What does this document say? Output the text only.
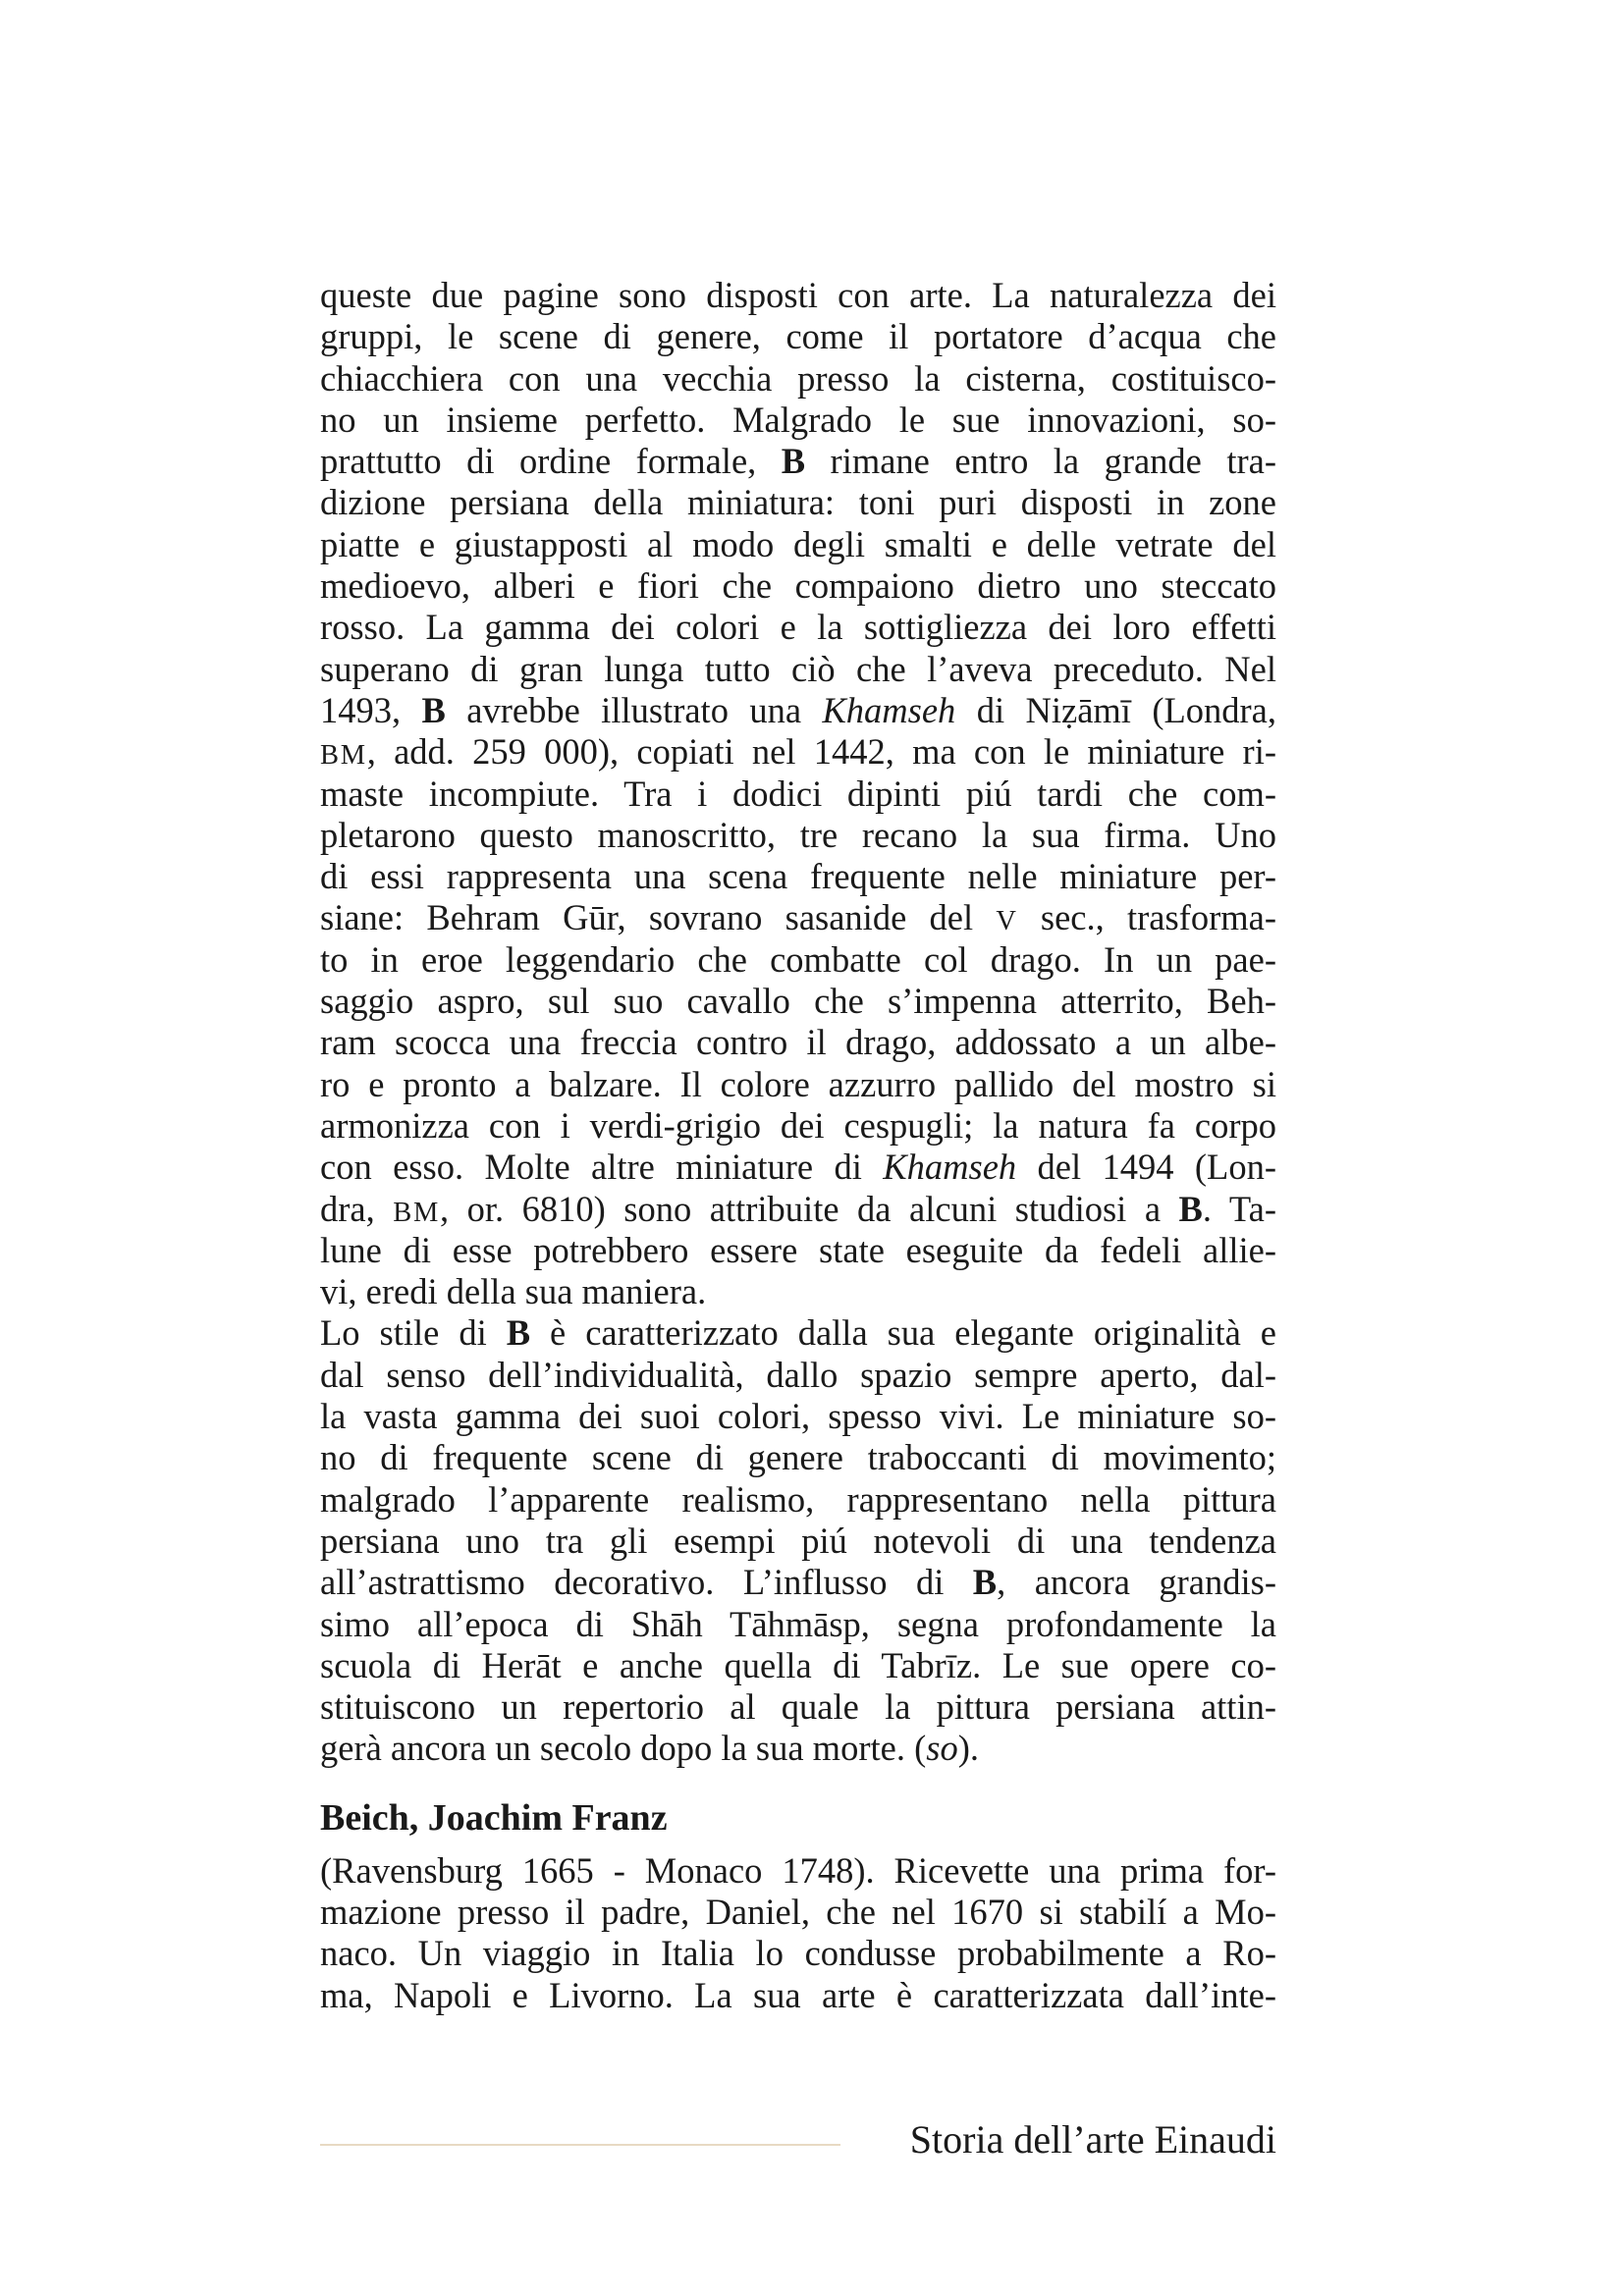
queste due pagine sono disposti con arte. La naturalezza dei
gruppi, le scene di genere, come il portatore d’acqua che
chiacchiera con una vecchia presso la cisterna, costituisco-
no un insieme perfetto. Malgrado le sue innovazioni, so-
prattutto di ordine formale, B rimane entro la grande tra-
dizione persiana della miniatura: toni puri disposti in zone
piatte e giustapposti al modo degli smalti e delle vetrate del
medioevo, alberi e fiori che compaiono dietro uno steccato
rosso. La gamma dei colori e la sottigliezza dei loro effetti
superano di gran lunga tutto ciò che l’aveva preceduto. Nel
1493, B avrebbe illustrato una Khamseh di Niẓāmī (Londra,
BM, add. 259 000), copiati nel 1442, ma con le miniature ri-
maste incompiute. Tra i dodici dipinti piú tardi che com-
pletarono questo manoscritto, tre recano la sua firma. Uno
di essi rappresenta una scena frequente nelle miniature per-
siane: Behram Gūr, sovrano sasanide del V sec., trasforma-
to in eroe leggendario che combatte col drago. In un pae-
saggio aspro, sul suo cavallo che s’impenna atterrito, Beh-
ram scocca una freccia contro il drago, addossato a un albe-
ro e pronto a balzare. Il colore azzurro pallido del mostro si
armonizza con i verdi-grigio dei cespugli; la natura fa corpo
con esso. Molte altre miniature di Khamseh del 1494 (Lon-
dra, BM, or. 6810) sono attribuite da alcuni studiosi a B. Ta-
lune di esse potrebbero essere state eseguite da fedeli allie-
vi, eredi della sua maniera.
Lo stile di B è caratterizzato dalla sua elegante originalità e
dal senso dell’individualità, dallo spazio sempre aperto, dal-
la vasta gamma dei suoi colori, spesso vivi. Le miniature so-
no di frequente scene di genere traboccanti di movimento;
malgrado l’apparente realismo, rappresentano nella pittura
persiana uno tra gli esempi piú notevoli di una tendenza
all’astrattismo decorativo. L’influsso di B, ancora grandis-
simo all’epoca di Shāh Tāhmāsp, segna profondamente la
scuola di Herāt e anche quella di Tabrīz. Le sue opere co-
stituiscono un repertorio al quale la pittura persiana attin-
gerà ancora un secolo dopo la sua morte. (so).
Beich, Joachim Franz
(Ravensburg 1665 - Monaco 1748). Ricevette una prima for-
mazione presso il padre, Daniel, che nel 1670 si stabilí a Mo-
naco. Un viaggio in Italia lo condusse probabilmente a Ro-
ma, Napoli e Livorno. La sua arte è caratterizzata dall’inte-
Storia dell’arte Einaudi
